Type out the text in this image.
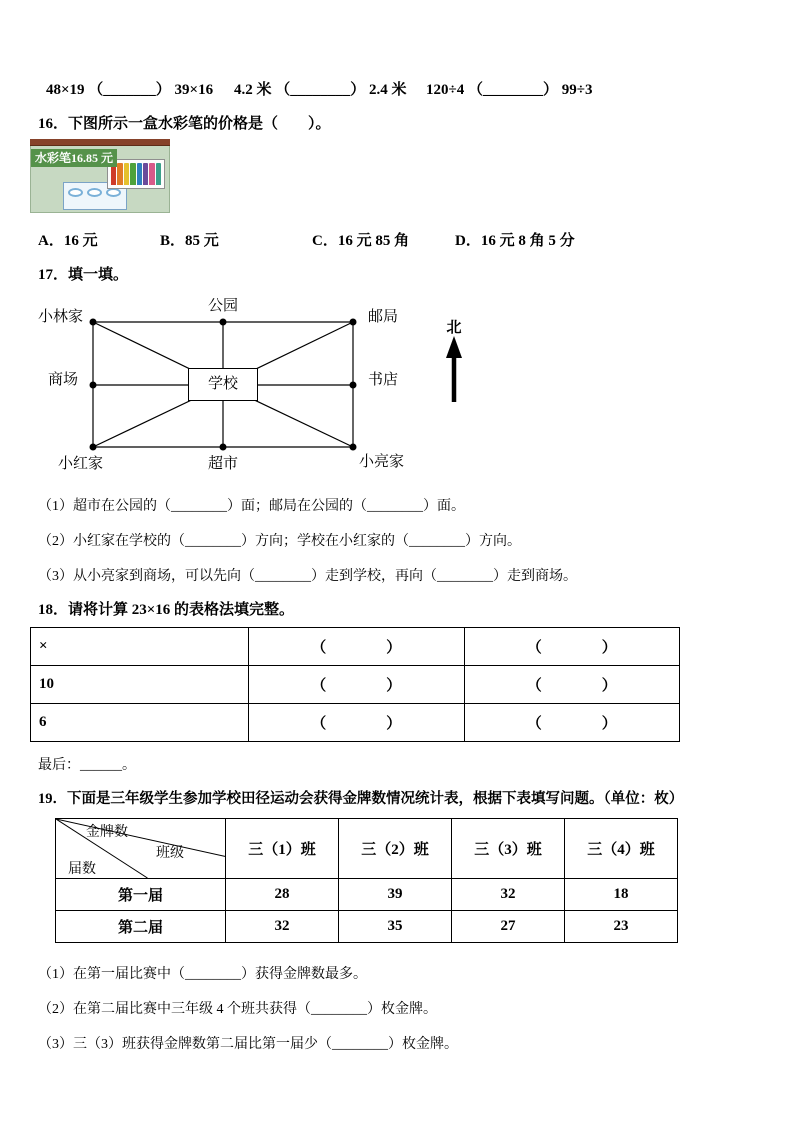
48×19 （_______） 39×16	4.2 米 （________） 2.4 米	120÷4 （________） 99÷3
16．下图所示一盒水彩笔的价格是（　　）。
水彩笔16.85 元
A．16 元	B．85 元	C．16 元 85 角	D．16 元 8 角 5 分
17．填一填。
公园
小林家	邮局
商场	书店
小红家	超市	小亮家
学校
北
（1）超市在公园的（________）面；邮局在公园的（________）面。
（2）小红家在学校的（________）方向；学校在小红家的（________）方向。
（3）从小亮家到商场，可以先向（________）走到学校，再向（________）走到商场。
18．请将计算 23×16 的表格法填完整。
×	（　　　　）	（　　　　）
10	（　　　　）	（　　　　）
6	（　　　　）	（　　　　）
最后：______。
19．下面是三年级学生参加学校田径运动会获得金牌数情况统计表，根据下表填写问题。（单位：枚）
金牌数
班级
届数	三（1）班	三（2）班	三（3）班	三（4）班
第一届	28	39	32	18
第二届	32	35	27	23
（1）在第一届比赛中（________）获得金牌数最多。
（2）在第二届比赛中三年级 4 个班共获得（________）枚金牌。
（3）三（3）班获得金牌数第二届比第一届少（________）枚金牌。
